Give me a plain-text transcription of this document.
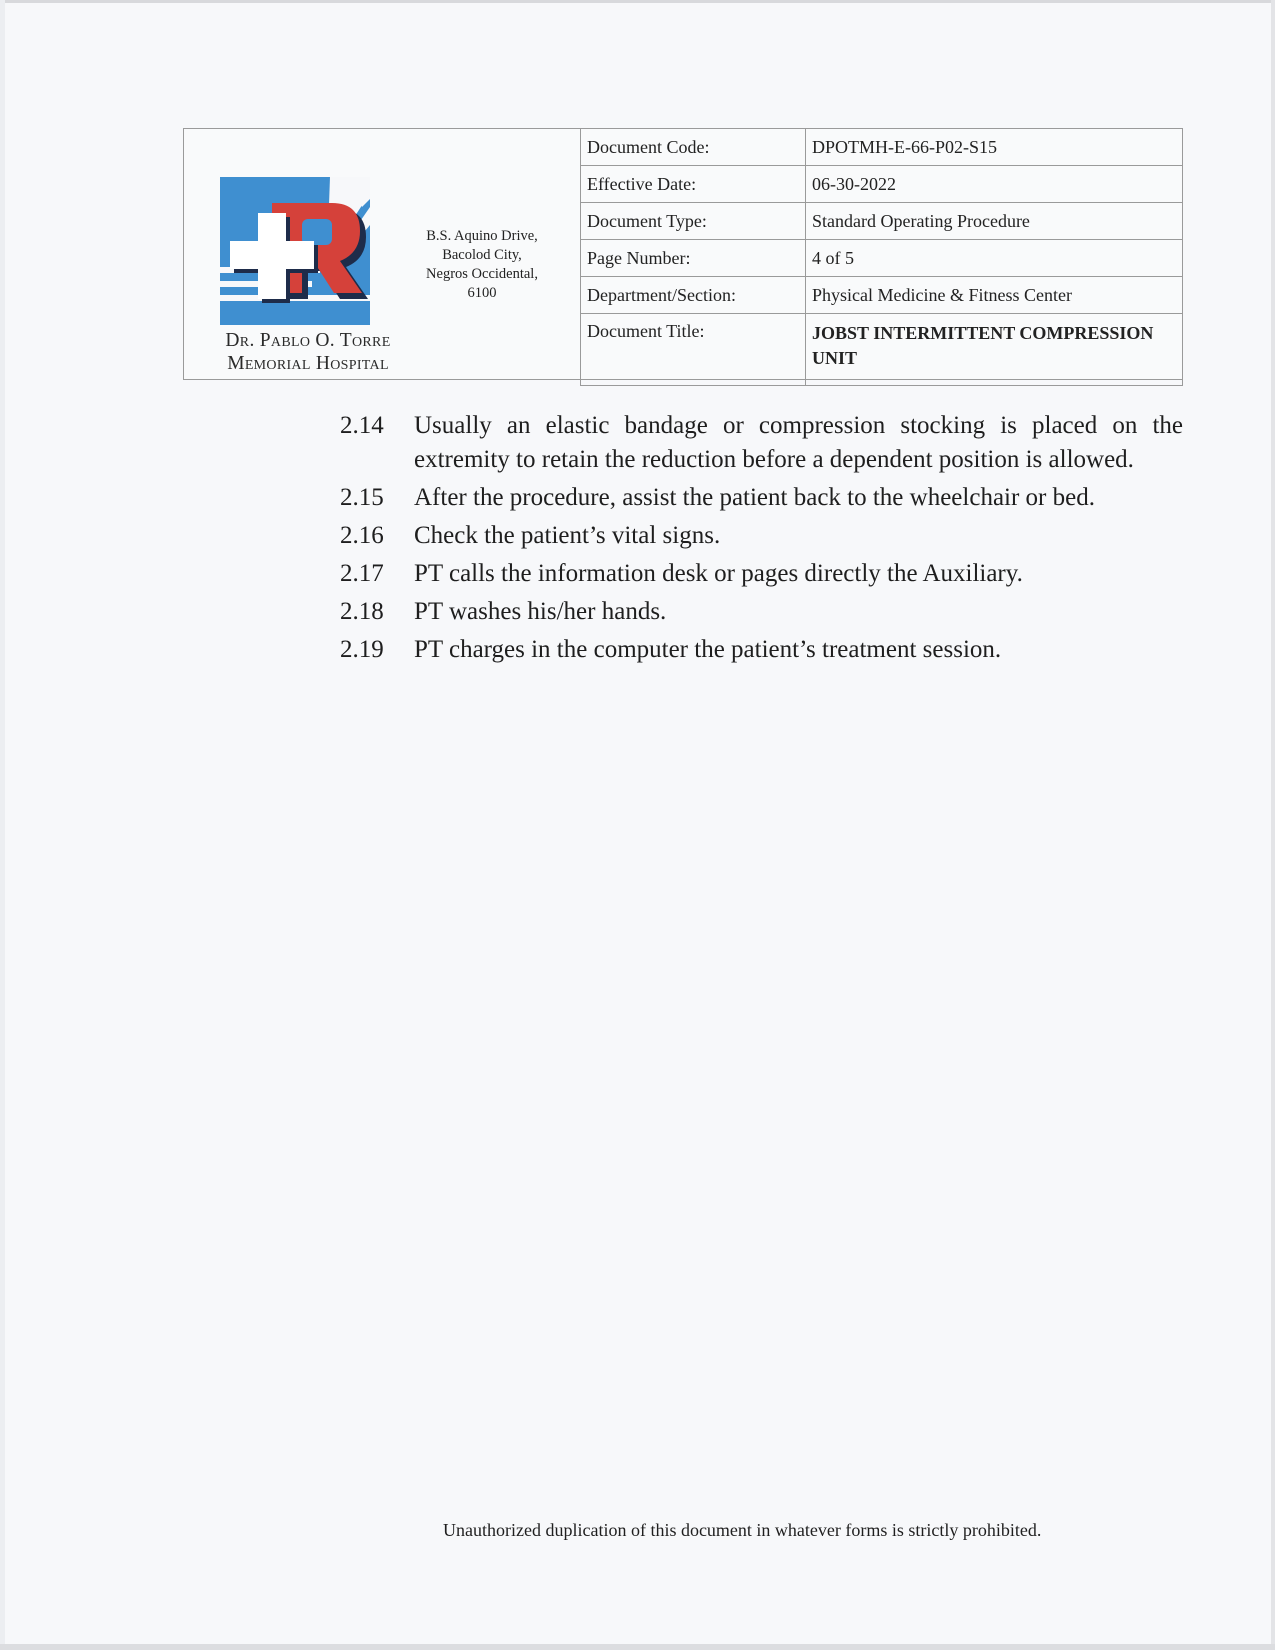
Dr. Pablo O. Torre
Memorial Hospital
B.S. Aquino Drive,
Bacolod City,
Negros Occidental,
6100
Document Code:	DPOTMH-E-66-P02-S15
Effective Date:	06-30-2022
Document Type:	Standard Operating Procedure
Page Number:	4 of 5
Department/Section:	Physical Medicine & Fitness Center
Document Title:	JOBST INTERMITTENT COMPRESSION UNIT
2.14	Usually an elastic bandage or compression stocking is placed on the extremity to retain the reduction before a dependent position is allowed.
2.15	After the procedure, assist the patient back to the wheelchair or bed.
2.16	Check the patient’s vital signs.
2.17	PT calls the information desk or pages directly the Auxiliary.
2.18	PT washes his/her hands.
2.19	PT charges in the computer the patient’s treatment session.
Unauthorized duplication of this document in whatever forms is strictly prohibited.
